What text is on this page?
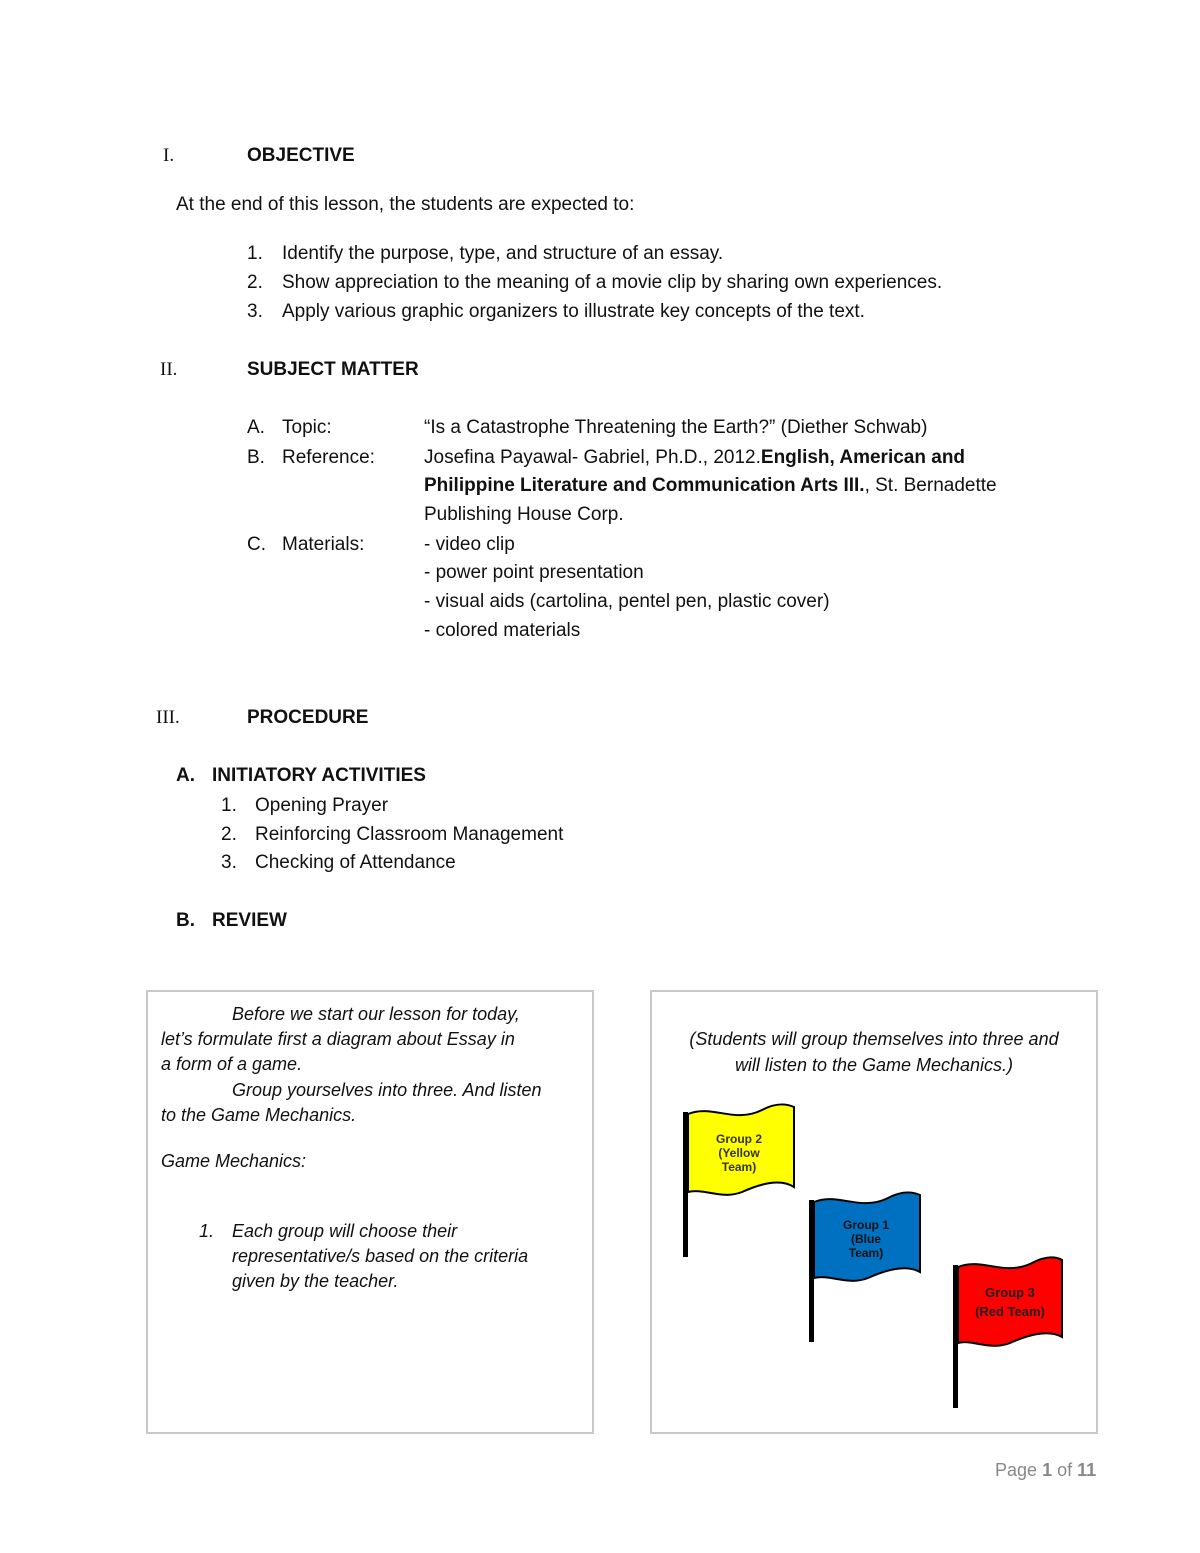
I.	OBJECTIVE
At the end of this lesson, the students are expected to:
1. Identify the purpose, type, and structure of an essay.
2. Show appreciation to the meaning of a movie clip by sharing own experiences.
3. Apply various graphic organizers to illustrate key concepts of the text.
II.	SUBJECT MATTER
A. Topic:	“Is a Catastrophe Threatening the Earth?” (Diether Schwab)
B. Reference:	Josefina Payawal- Gabriel, Ph.D., 2012.English, American and
Philippine Literature and Communication Arts III., St. Bernadette
Publishing House Corp.
C. Materials:	- video clip
- power point presentation
- visual aids (cartolina, pentel pen, plastic cover)
- colored materials
III.	PROCEDURE
A. INITIATORY ACTIVITIES
1. Opening Prayer
2. Reinforcing Classroom Management
3. Checking of Attendance
B. REVIEW
Before we start our lesson for today,
let’s formulate first a diagram about Essay in
a form of a game.
Group yourselves into three. And listen
to the Game Mechanics.
Game Mechanics:
1. Each group will choose their
representative/s based on the criteria
given by the teacher.
(Students will group themselves into three and
will listen to the Game Mechanics.)
Group 2
(Yellow
Team)
Group 1
(Blue
Team)
Group 3
(Red Team)
Page 1 of 11
